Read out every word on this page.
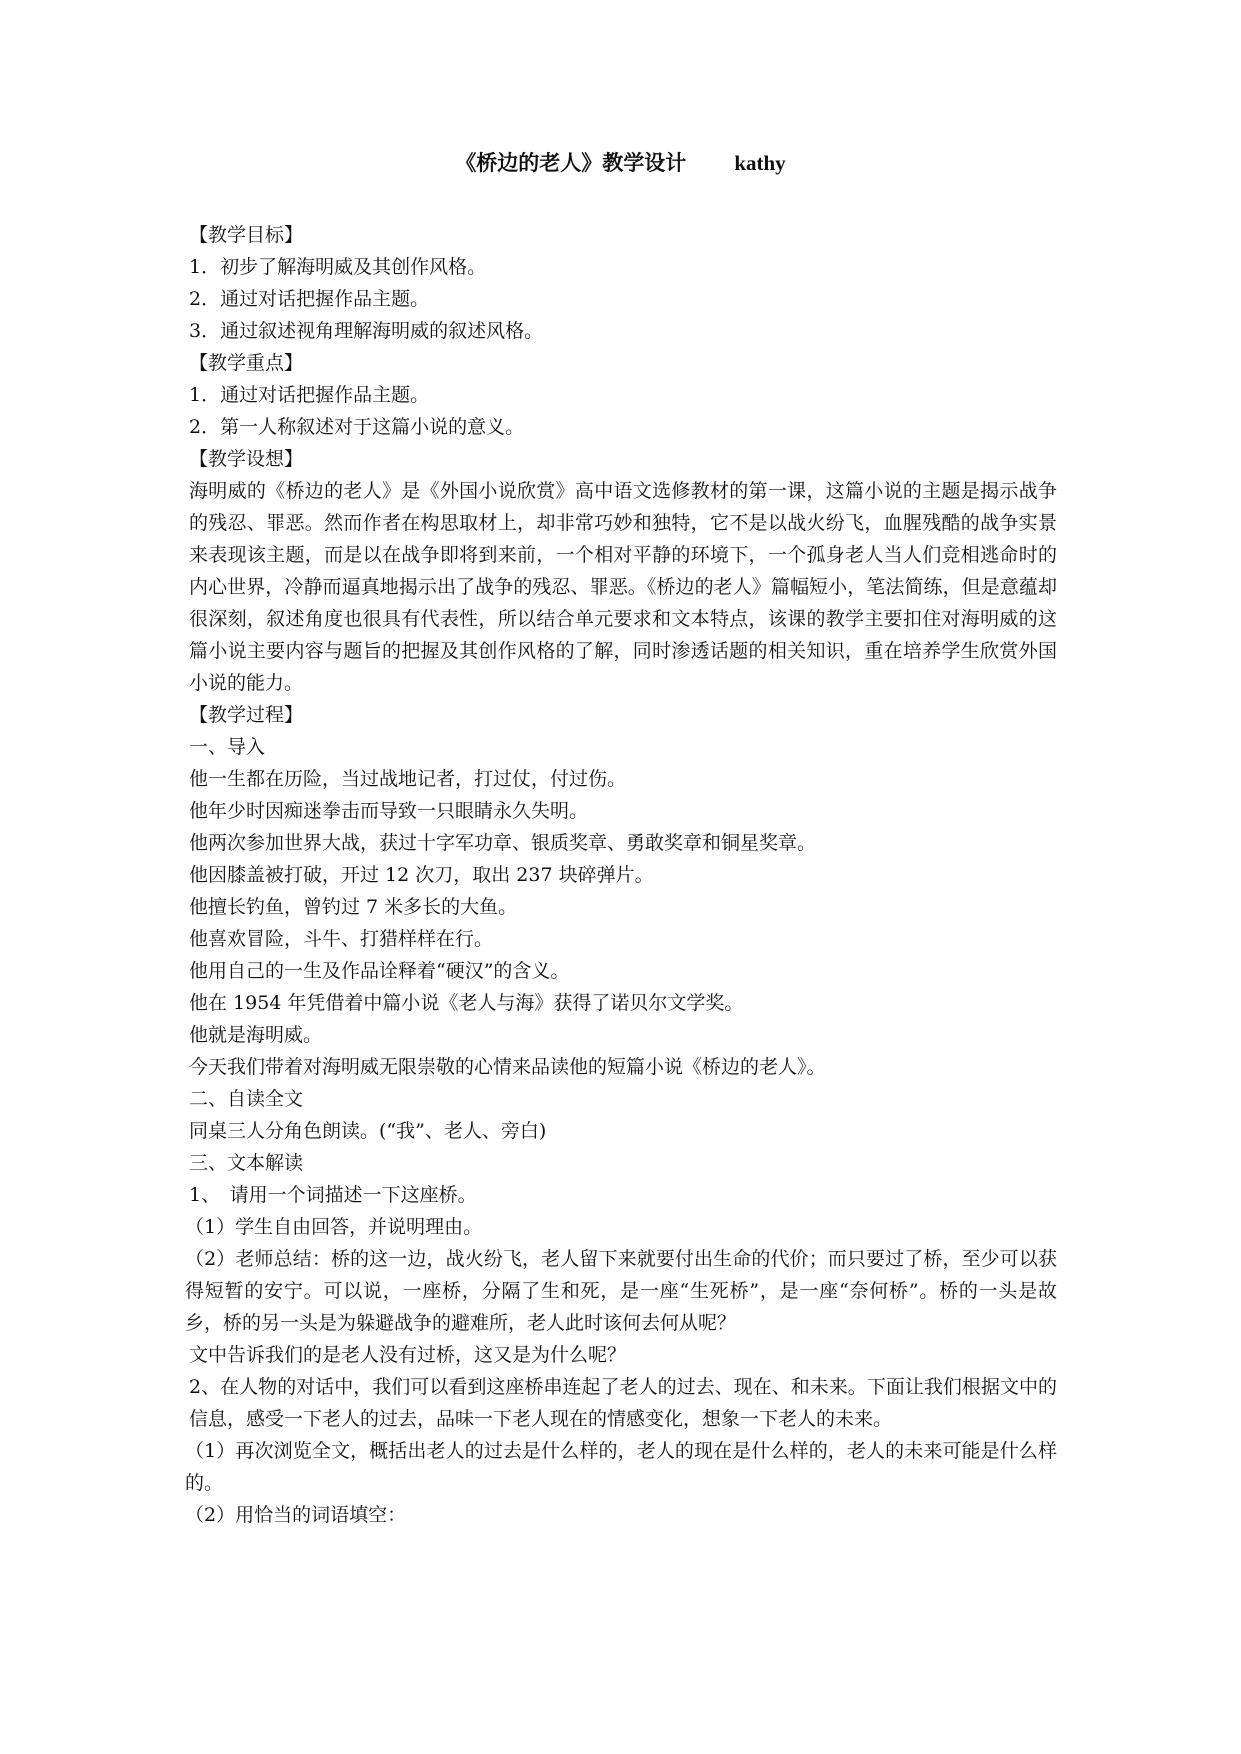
《桥边的老人》教学设计 kathy

【教学目标】

1．初步了解海明威及其创作风格。

2．通过对话把握作品主题。

3．通过叙述视角理解海明威的叙述风格。

【教学重点】

1．通过对话把握作品主题。

2．第一人称叙述对于这篇小说的意义。

【教学设想】

海明威的《桥边的老人》是《外国小说欣赏》高中语文选修教材的第一课，这篇小说的主题是揭示战争的残忍、罪恶。然而作者在构思取材上，却非常巧妙和独特，它不是以战火纷飞，血腥残酷的战争实景来表现该主题，而是以在战争即将到来前，一个相对平静的环境下，一个孤身老人当人们竞相逃命时的内心世界，冷静而逼真地揭示出了战争的残忍、罪恶。《桥边的老人》篇幅短小，笔法简练，但是意蕴却很深刻，叙述角度也很具有代表性，所以结合单元要求和文本特点，该课的教学主要扣住对海明威的这篇小说主要内容与题旨的把握及其创作风格的了解，同时渗透话题的相关知识，重在培养学生欣赏外国小说的能力。

【教学过程】

一、导入

他一生都在历险，当过战地记者，打过仗，付过伤。

他年少时因痴迷拳击而导致一只眼睛永久失明。

他两次参加世界大战，获过十字军功章、银质奖章、勇敢奖章和铜星奖章。

他因膝盖被打破，开过 12 次刀，取出 237 块碎弹片。

他擅长钓鱼，曾钓过 7 米多长的大鱼。

他喜欢冒险，斗牛、打猎样样在行。

他用自己的一生及作品诠释着“硬汉”的含义。

他在 1954 年凭借着中篇小说《老人与海》获得了诺贝尔文学奖。

他就是海明威。

今天我们带着对海明威无限崇敬的心情来品读他的短篇小说《桥边的老人》。

二、自读全文

同桌三人分角色朗读。(“我”、老人、旁白)

三、文本解读

1、　请用一个词描述一下这座桥。

（1）学生自由回答，并说明理由。

（2）老师总结：桥的这一边，战火纷飞，老人留下来就要付出生命的代价；而只要过了桥，至少可以获得短暂的安宁。可以说，一座桥，分隔了生和死，是一座“生死桥”，是一座“奈何桥”。桥的一头是故乡，桥的另一头是为躲避战争的避难所，老人此时该何去何从呢？

文中告诉我们的是老人没有过桥，这又是为什么呢？

2、在人物的对话中，我们可以看到这座桥串连起了老人的过去、现在、和未来。下面让我们根据文中的信息，感受一下老人的过去，品味一下老人现在的情感变化，想象一下老人的未来。

（1）再次浏览全文，概括出老人的过去是什么样的，老人的现在是什么样的，老人的未来可能是什么样的。

（2）用恰当的词语填空：
